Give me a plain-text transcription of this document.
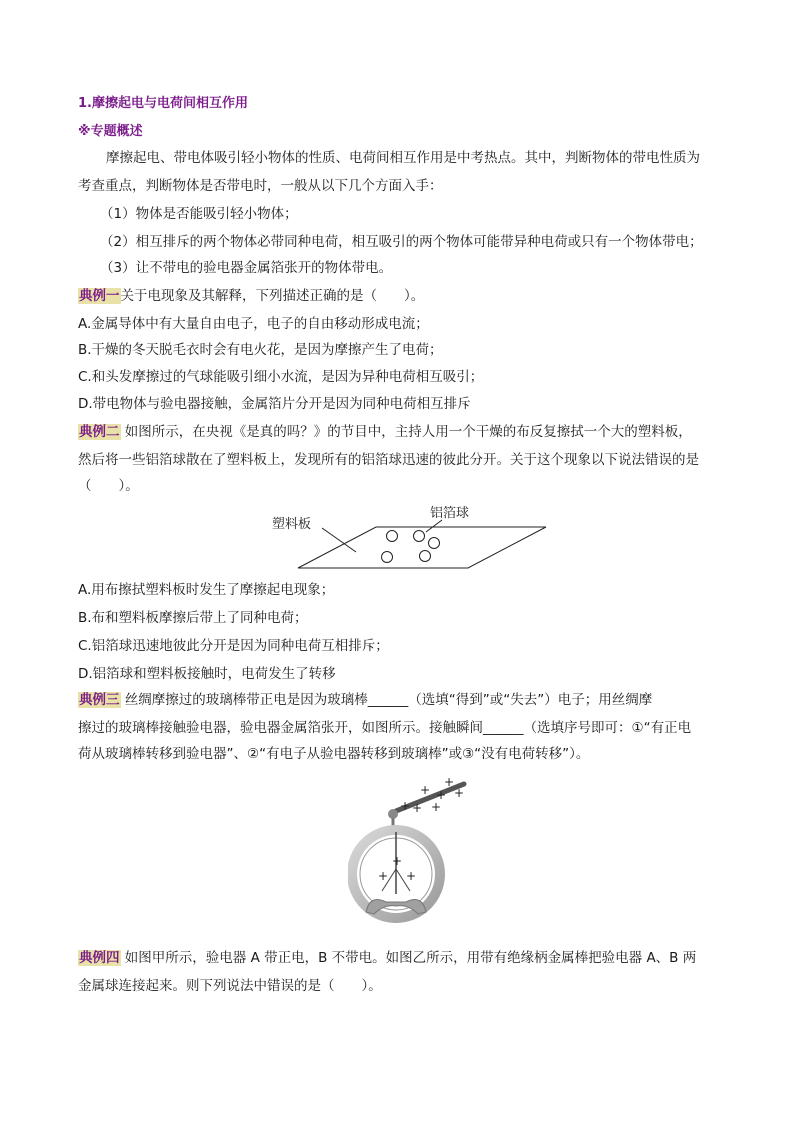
1.摩擦起电与电荷间相互作用
※专题概述
摩擦起电、带电体吸引轻小物体的性质、电荷间相互作用是中考热点。其中，判断物体的带电性质为
考查重点，判断物体是否带电时，一般从以下几个方面入手：
（1）物体是否能吸引轻小物体；
（2）相互排斥的两个物体必带同种电荷，相互吸引的两个物体可能带异种电荷或只有一个物体带电；
（3）让不带电的验电器金属箔张开的物体带电。
典例一关于电现象及其解释，下列描述正确的是（　　）。
A.金属导体中有大量自由电子，电子的自由移动形成电流；
B.干燥的冬天脱毛衣时会有电火花，是因为摩擦产生了电荷；
C.和头发摩擦过的气球能吸引细小水流，是因为异种电荷相互吸引；
D.带电物体与验电器接触，金属箔片分开是因为同种电荷相互排斥
典例二 如图所示，在央视《是真的吗？》的节目中，主持人用一个干燥的布反复擦拭一个大的塑料板，
然后将一些铝箔球散在了塑料板上，发现所有的铝箔球迅速的彼此分开。关于这个现象以下说法错误的是
（　　）。
塑料板
铝箔球
A.用布擦拭塑料板时发生了摩擦起电现象；
B.布和塑料板摩擦后带上了同种电荷；
C.铝箔球迅速地彼此分开是因为同种电荷互相排斥；
D.铝箔球和塑料板接触时，电荷发生了转移
典例三 丝绸摩擦过的玻璃棒带正电是因为玻璃棒______（选填“得到”或“失去”）电子；用丝绸摩
擦过的玻璃棒接触验电器，验电器金属箔张开，如图所示。接触瞬间______（选填序号即可：①“有正电
荷从玻璃棒转移到验电器”、②“有电子从验电器转移到玻璃棒”或③“没有电荷转移”）。
+
+ + +
+ + +
+
+ +
典例四 如图甲所示，验电器 A 带正电，B 不带电。如图乙所示，用带有绝缘柄金属棒把验电器 A、B 两
金属球连接起来。则下列说法中错误的是（　　）。
